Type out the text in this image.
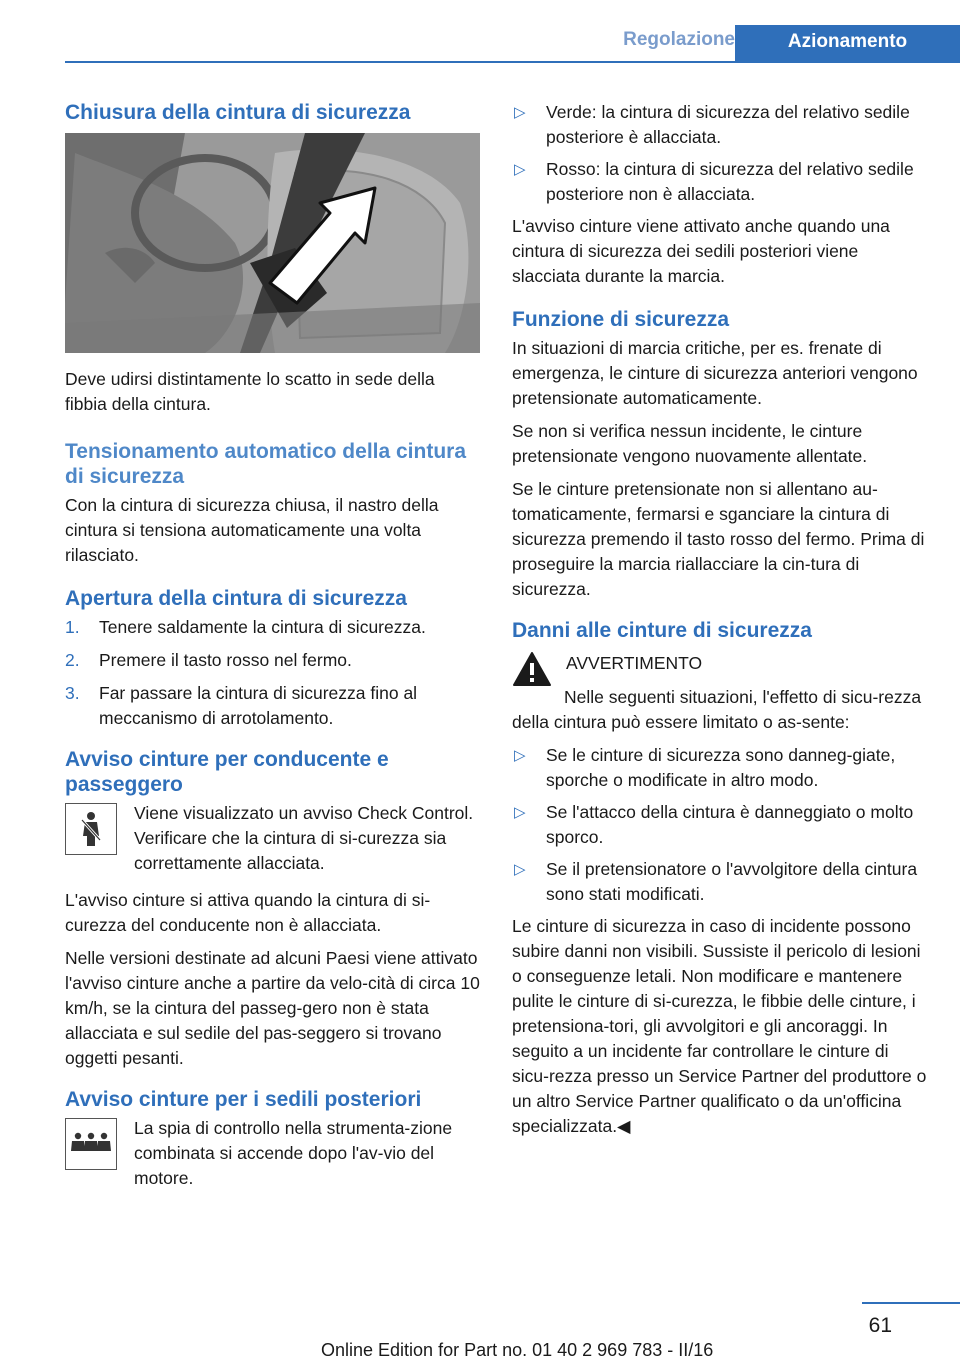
Regolazione	Azionamento
Chiusura della cintura di sicurezza

Deve udirsi distintamente lo scatto in sede della fibbia della cintura.

Tensionamento automatico della cintura di sicurezza

Con la cintura di sicurezza chiusa, il nastro della cintura si tensiona automaticamente una volta rilasciato.

Apertura della cintura di sicurezza
1. Tenere saldamente la cintura di sicurezza.
2. Premere il tasto rosso nel fermo.
3. Far passare la cintura di sicurezza fino al meccanismo di arrotolamento.
Avviso cinture per conducente e passeggero
Viene visualizzato un avviso Check Control. Verificare che la cintura di si-curezza sia correttamente allacciata.

L'avviso cinture si attiva quando la cintura di si-curezza del conducente non è allacciata.

Nelle versioni destinate ad alcuni Paesi viene attivato l'avviso cinture anche a partire da velo-cità di circa 10 km/h, se la cintura del passeg-gero non è stata allacciata e sul sedile del pas-seggero si trovano oggetti pesanti.

Avviso cinture per i sedili posteriori
La spia di controllo nella strumenta-zione combinata si accende dopo l'av-vio del motore.
▷ Verde: la cintura di sicurezza del relativo sedile posteriore è allacciata.
▷ Rosso: la cintura di sicurezza del relativo sedile posteriore non è allacciata.

L'avviso cinture viene attivato anche quando una cintura di sicurezza dei sedili posteriori viene slacciata durante la marcia.

Funzione di sicurezza

In situazioni di marcia critiche, per es. frenate di emergenza, le cinture di sicurezza anteriori vengono pretensionate automaticamente.

Se non si verifica nessun incidente, le cinture pretensionate vengono nuovamente allentate.

Se le cinture pretensionate non si allentano au-tomaticamente, fermarsi e sganciare la cintura di sicurezza premendo il tasto rosso del fermo. Prima di proseguire la marcia riallacciare la cin-tura di sicurezza.

Danni alle cinture di sicurezza
AVVERTIMENTO

Nelle seguenti situazioni, l'effetto di sicu-rezza della cintura può essere limitato o as-sente:

▷ Se le cinture di sicurezza sono danneg-giate, sporche o modificate in altro modo.
▷ Se l'attacco della cintura è danneggiato o molto sporco.
▷ Se il pretensionatore o l'avvolgitore della cintura sono stati modificati.

Le cinture di sicurezza in caso di incidente possono subire danni non visibili. Sussiste il pericolo di lesioni o conseguenze letali. Non modificare e mantenere pulite le cinture di si-curezza, le fibbie delle cinture, i pretensiona-tori, gli avvolgitori e gli ancoraggi. In seguito a un incidente far controllare le cinture di sicu-rezza presso un Service Partner del produttore o un altro Service Partner qualificato o da un'officina specializzata.◀

61
Online Edition for Part no. 01 40 2 969 783 - II/16
